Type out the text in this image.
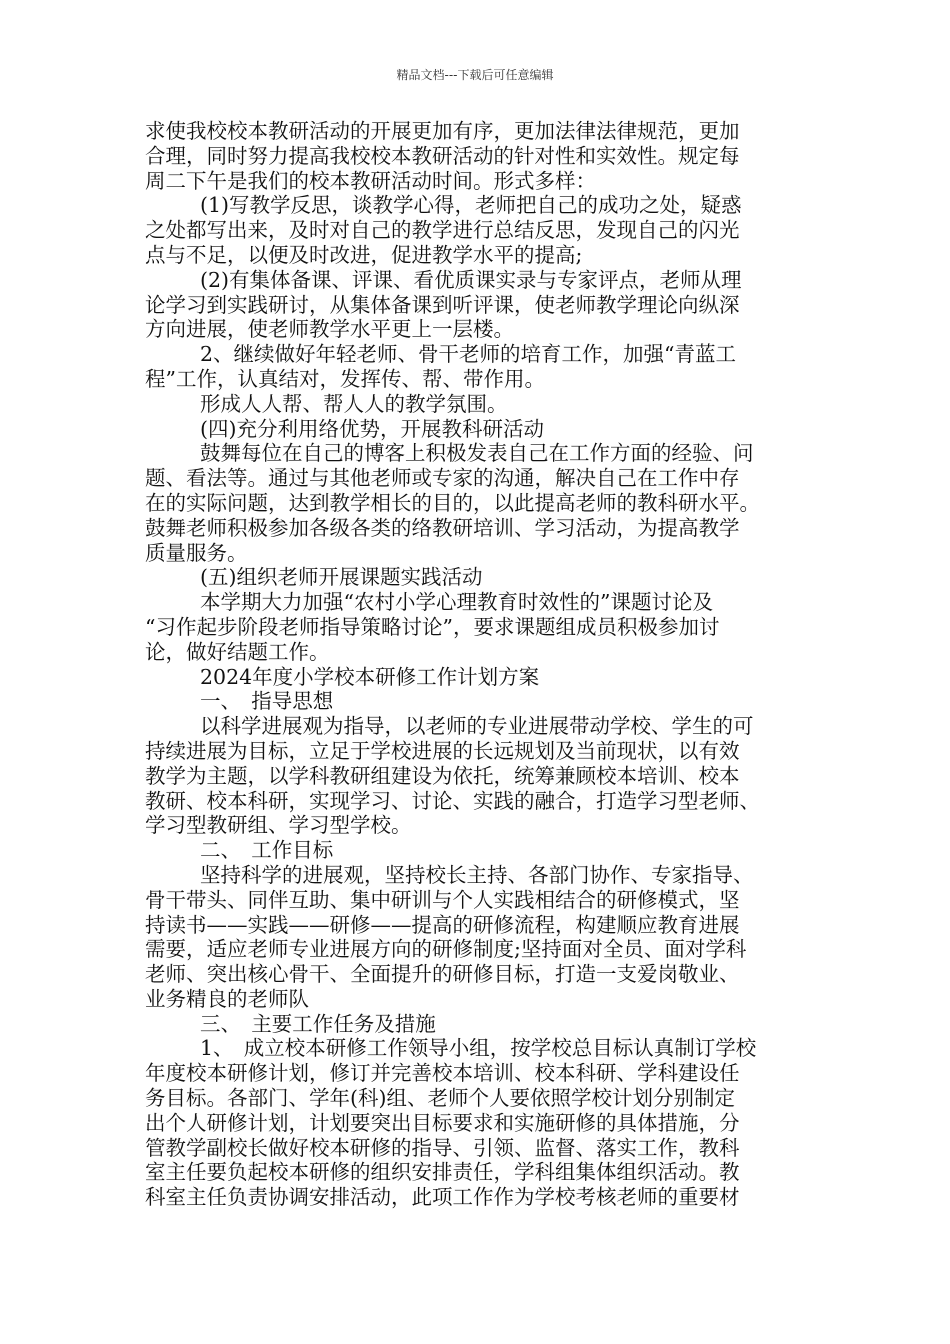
精品文档---下载后可任意编辑
求使我校校本教研活动的开展更加有序，更加法律法律规范，更加
合理，同时努力提高我校校本教研活动的针对性和实效性。规定每
周二下午是我们的校本教研活动时间。形式多样：
(1)写教学反思，谈教学心得，老师把自己的成功之处，疑惑
之处都写出来，及时对自己的教学进行总结反思，发现自己的闪光
点与不足，以便及时改进，促进教学水平的提高;
(2)有集体备课、评课、看优质课实录与专家评点，老师从理
论学习到实践研讨，从集体备课到听评课，使老师教学理论向纵深
方向进展，使老师教学水平更上一层楼。
2、继续做好年轻老师、骨干老师的培育工作，加强“青蓝工
程”工作，认真结对，发挥传、帮、带作用。
形成人人帮、帮人人的教学氛围。
(四)充分利用络优势，开展教科研活动
鼓舞每位在自己的博客上积极发表自己在工作方面的经验、问
题、看法等。通过与其他老师或专家的沟通，解决自己在工作中存
在的实际问题，达到教学相长的目的，以此提高老师的教科研水平。
鼓舞老师积极参加各级各类的络教研培训、学习活动，为提高教学
质量服务。
(五)组织老师开展课题实践活动
本学期大力加强“农村小学心理教育时效性的”课题讨论及
“习作起步阶段老师指导策略讨论”，要求课题组成员积极参加讨
论，做好结题工作。
2024年度小学校本研修工作计划方案
一、　指导思想
以科学进展观为指导，以老师的专业进展带动学校、学生的可
持续进展为目标，立足于学校进展的长远规划及当前现状，以有效
教学为主题，以学科教研组建设为依托，统筹兼顾校本培训、校本
教研、校本科研，实现学习、讨论、实践的融合，打造学习型老师、
学习型教研组、学习型学校。
二、　工作目标
坚持科学的进展观，坚持校长主持、各部门协作、专家指导、
骨干带头、同伴互助、集中研训与个人实践相结合的研修模式，坚
持读书——实践——研修——提高的研修流程，构建顺应教育进展
需要，适应老师专业进展方向的研修制度;坚持面对全员、面对学科
老师、突出核心骨干、全面提升的研修目标，打造一支爱岗敬业、
业务精良的老师队
三、　主要工作任务及措施
1、　成立校本研修工作领导小组，按学校总目标认真制订学校
年度校本研修计划，修订并完善校本培训、校本科研、学科建设任
务目标。各部门、学年(科)组、老师个人要依照学校计划分别制定
出个人研修计划，计划要突出目标要求和实施研修的具体措施，分
管教学副校长做好校本研修的指导、引领、监督、落实工作，教科
室主任要负起校本研修的组织安排责任，学科组集体组织活动。教
科室主任负责协调安排活动，此项工作作为学校考核老师的重要材
